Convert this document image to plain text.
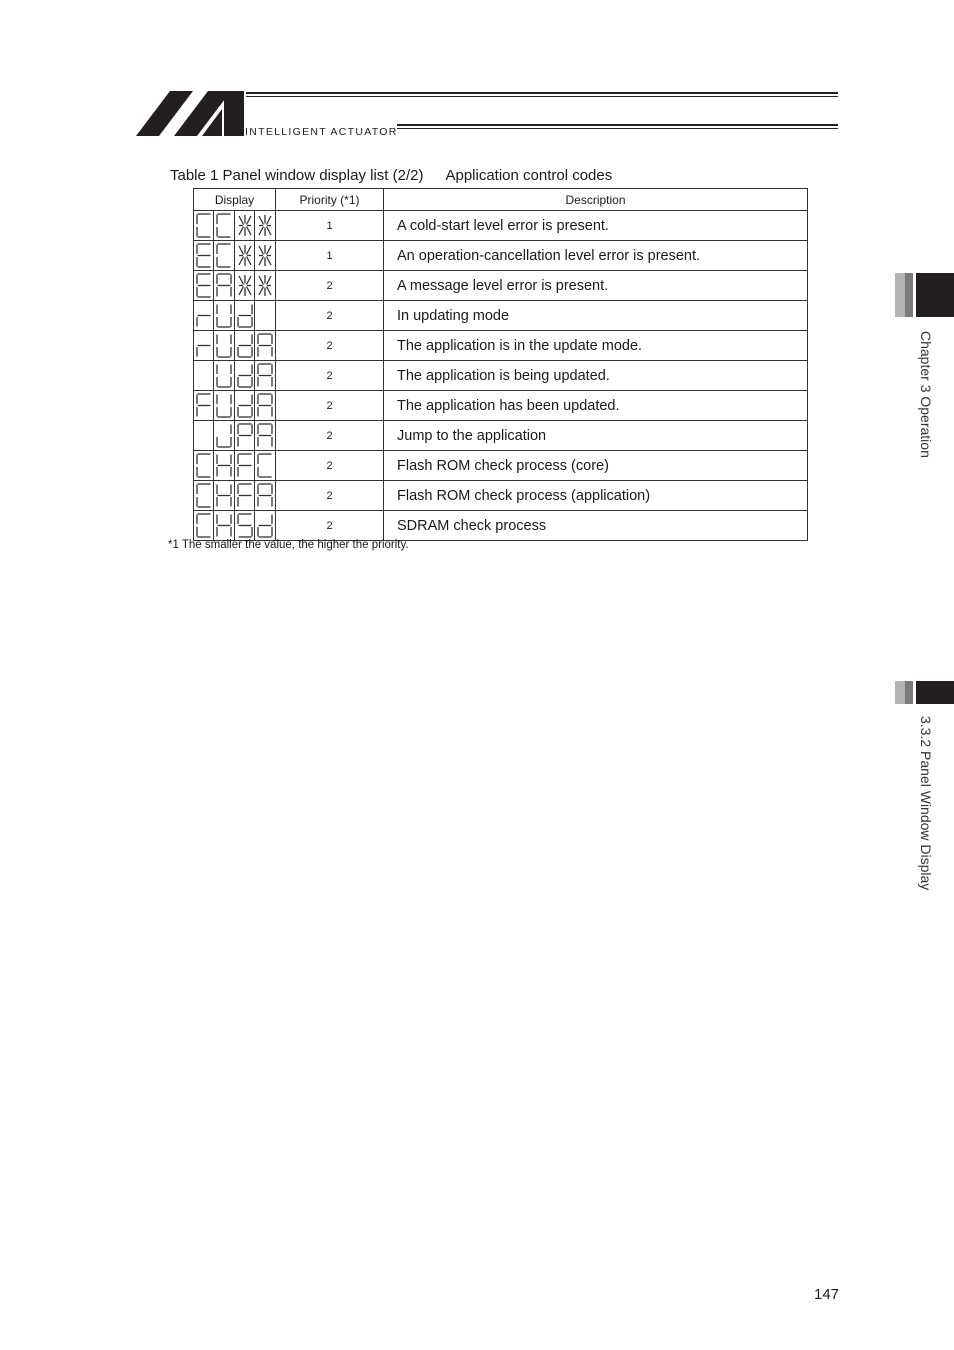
INTELLIGENT ACTUATOR
Table 1 Panel window display list (2/2) Application control codes
Display	Priority (*1)	Description

	1	A cold-start level error is present.

	1	An operation-cancellation level error is present.

	2	A message level error is present.

	2	In updating mode

	2	The application is in the update mode.

	2	The application is being updated.

	2	The application has been updated.

	2	Jump to the application

	2	Flash ROM check process (core)

	2	Flash ROM check process (application)

	2	SDRAM check process
*1 The smaller the value, the higher the priority.
Chapter 3 Operation
3.3.2 Panel Window Display
147
